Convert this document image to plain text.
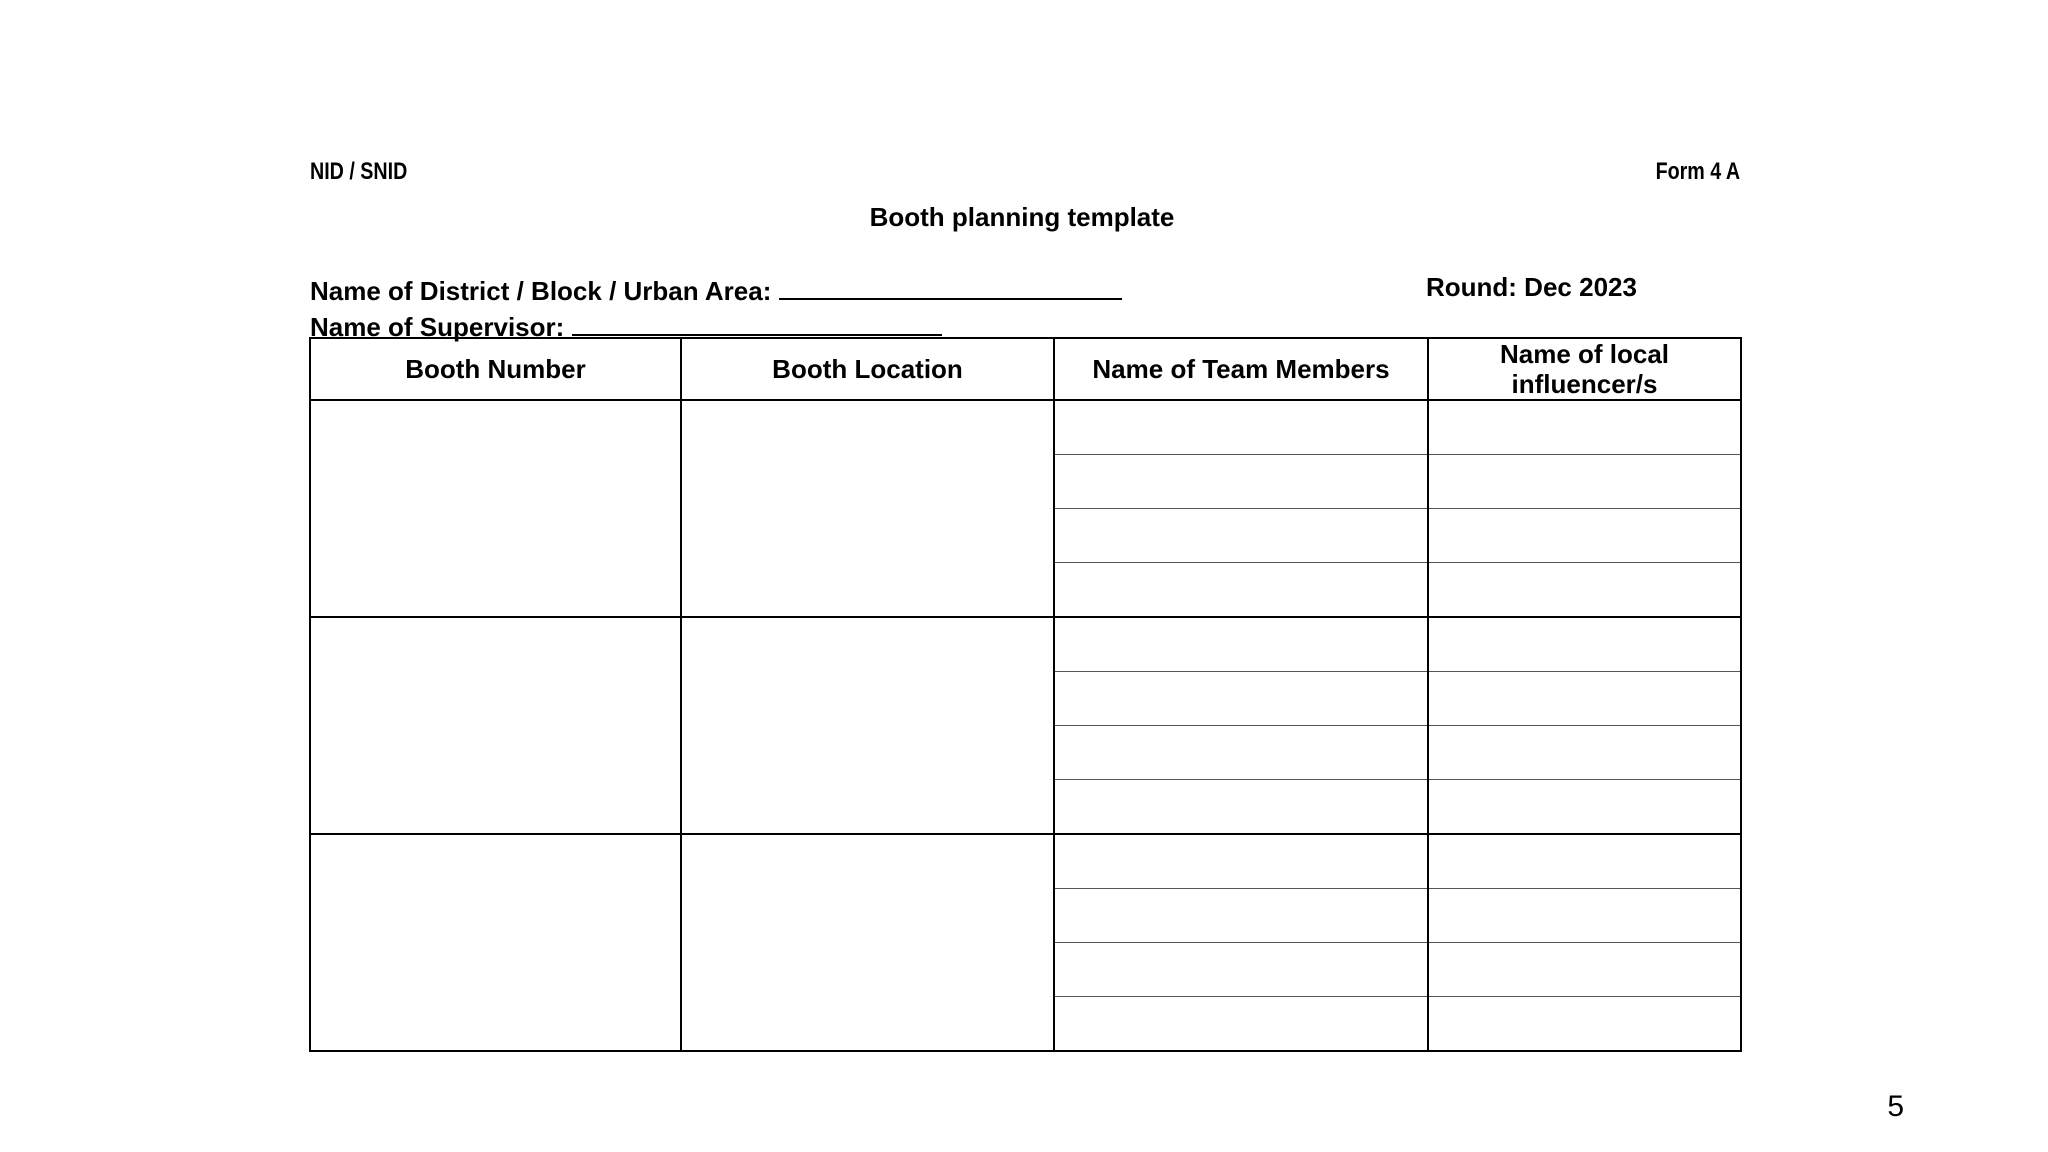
NID / SNID	Form 4 A
Booth planning template
Name of District / Block / Urban Area:	Round: Dec 2023
Name of Supervisor:
Booth Number	Booth Location	Name of Team Members	Name of local influencer/s

5
